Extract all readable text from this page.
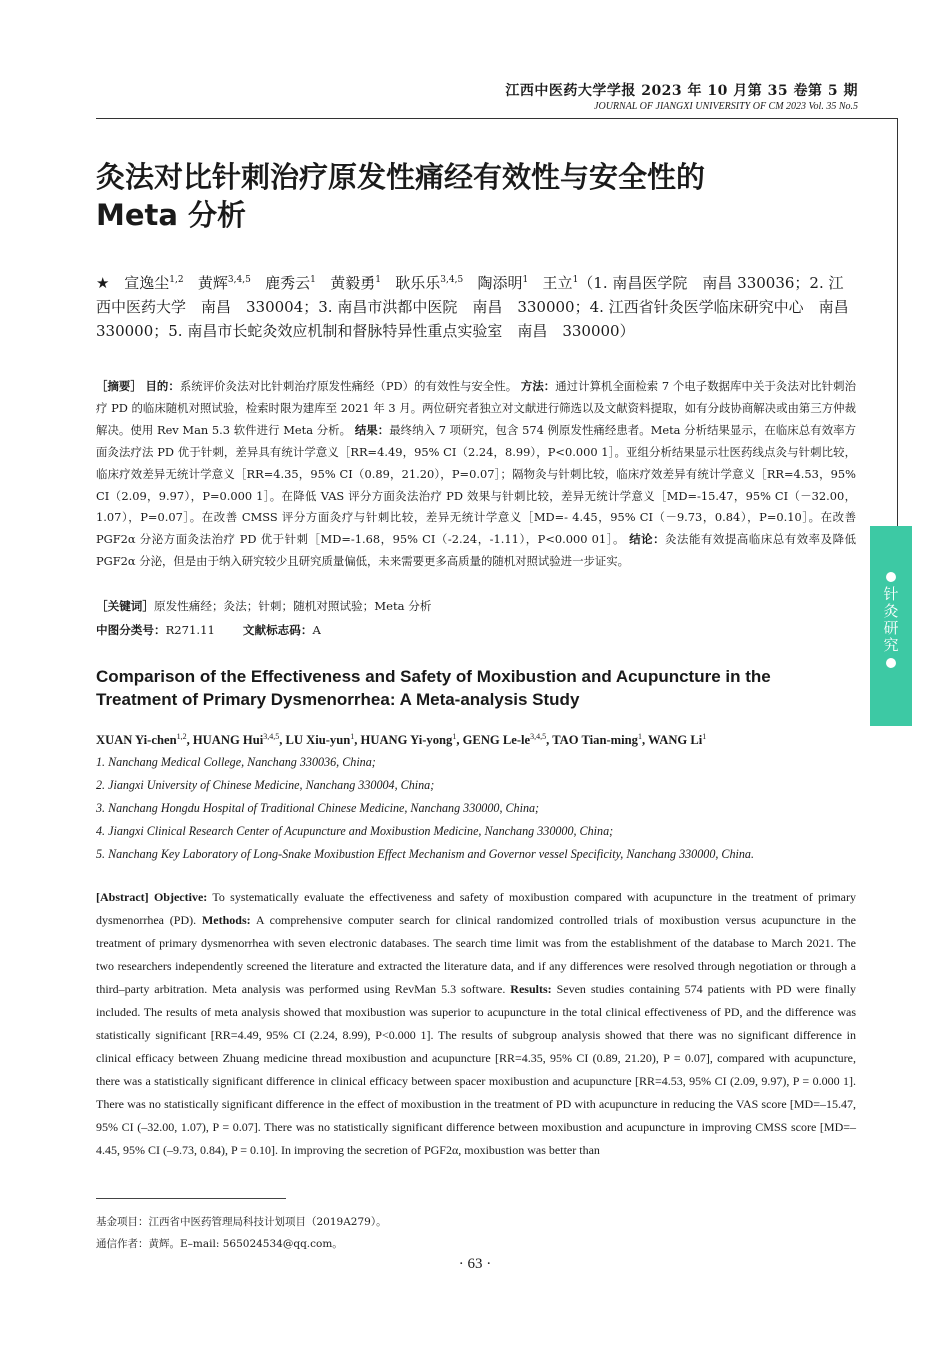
江西中医药大学学报 2023 年 10 月第 35 卷第 5 期
JOURNAL OF JIANGXI UNIVERSITY OF CM 2023 Vol. 35 No.5
灸法对比针刺治疗原发性痛经有效性与安全性的
Meta 分析
★ 宣逸尘$^{1,2}$ 黄辉$^{3,4,5}$ 鹿秀云$^1$ 黄毅勇$^1$ 耿乐乐$^{3,4,5}$ 陶添明$^1$ 王立$^1$（1. 南昌医学院　南昌 330036；2. 江西中医药大学　南昌　330004；3. 南昌市洪都中医院　南昌　330000；4. 江西省针灸医学临床研究中心　南昌　330000；5. 南昌市长蛇灸效应机制和督脉特异性重点实验室　南昌　330000）
［摘要］ 目的：系统评价灸法对比针刺治疗原发性痛经（PD）的有效性与安全性。 方法：通过计算机全面检索 7 个电子数据库中关于灸法对比针刺治疗 PD 的临床随机对照试验，检索时限为建库至 2021 年 3 月。两位研究者独立对文献进行筛选以及文献资料提取，如有分歧协商解决或由第三方仲裁解决。使用 Rev Man 5.3 软件进行 Meta 分析。 结果：最终纳入 7 项研究，包含 574 例原发性痛经患者。Meta 分析结果显示，在临床总有效率方面灸法疗法 PD 优于针刺，差异具有统计学意义［RR=4.49，95% CI（2.24，8.99），P<0.000 1］。亚组分析结果显示壮医药线点灸与针刺比较，临床疗效差异无统计学意义［RR=4.35，95% CI（0.89，21.20），P=0.07］；隔物灸与针刺比较，临床疗效差异有统计学意义［RR=4.53，95% CI（2.09，9.97），P=0.000 1］。在降低 VAS 评分方面灸法治疗 PD 效果与针刺比较，差异无统计学意义［MD=-15.47，95% CI（－32.00，1.07），P=0.07］。在改善 CMSS 评分方面灸疗与针刺比较，差异无统计学意义［MD=- 4.45，95% CI（－9.73，0.84），P=0.10］。在改善 PGF2α 分泌方面灸法治疗 PD 优于针刺［MD=-1.68，95% CI（-2.24，-1.11），P<0.000 01］。 结论：灸法能有效提高临床总有效率及降低 PGF2α 分泌，但是由于纳入研究较少且研究质量偏低，未来需要更多高质量的随机对照试验进一步证实。
［关键词］原发性痛经；灸法；针刺；随机对照试验；Meta 分析
中图分类号：R271.11 文献标志码：A
针
灸
研
究
Comparison of the Effectiveness and Safety of Moxibustion and Acupuncture in the Treatment of Primary Dysmenorrhea: A Meta-analysis Study
XUAN Yi-chen$^{1,2}$, HUANG Hui$^{3,4,5}$, LU Xiu-yun$^1$, HUANG Yi-yong$^1$, GENG Le-le$^{3,4,5}$, TAO Tian-ming$^1$, WANG Li$^1$
1. Nanchang Medical College, Nanchang 330036, China;
2. Jiangxi University of Chinese Medicine, Nanchang 330004, China;
3. Nanchang Hongdu Hospital of Traditional Chinese Medicine, Nanchang 330000, China;
4. Jiangxi Clinical Research Center of Acupuncture and Moxibustion Medicine, Nanchang 330000, China;
5. Nanchang Key Laboratory of Long-Snake Moxibustion Effect Mechanism and Governor vessel Specificity, Nanchang 330000, China.
[Abstract] Objective: To systematically evaluate the effectiveness and safety of moxibustion compared with acupuncture in the treatment of primary dysmenorrhea (PD). Methods: A comprehensive computer search for clinical randomized controlled trials of moxibustion versus acupuncture in the treatment of primary dysmenorrhea with seven electronic databases. The search time limit was from the establishment of the database to March 2021. The two researchers independently screened the literature and extracted the literature data, and if any differences were resolved through negotiation or through a third–party arbitration. Meta analysis was performed using RevMan 5.3 software. Results: Seven studies containing 574 patients with PD were finally included. The results of meta analysis showed that moxibustion was superior to acupuncture in the total clinical effectiveness of PD, and the difference was statistically significant [RR=4.49, 95% CI (2.24, 8.99), P<0.000 1]. The results of subgroup analysis showed that there was no significant difference in clinical efficacy between Zhuang medicine thread moxibustion and acupuncture [RR=4.35, 95% CI (0.89, 21.20), P = 0.07], compared with acupuncture, there was a statistically significant difference in clinical efficacy between spacer moxibustion and acupuncture [RR=4.53, 95% CI (2.09, 9.97), P = 0.000 1]. There was no statistically significant difference in the effect of moxibustion in the treatment of PD with acupuncture in reducing the VAS score [MD=–15.47, 95% CI (–32.00, 1.07), P = 0.07]. There was no statistically significant difference between moxibustion and acupuncture in improving CMSS score [MD=– 4.45, 95% CI (–9.73, 0.84), P = 0.10]. In improving the secretion of PGF2α, moxibustion was better than
基金项目：江西省中医药管理局科技计划项目（2019A279）。
通信作者：黄辉。E–mail: 565024534@qq.com。
· 63 ·
